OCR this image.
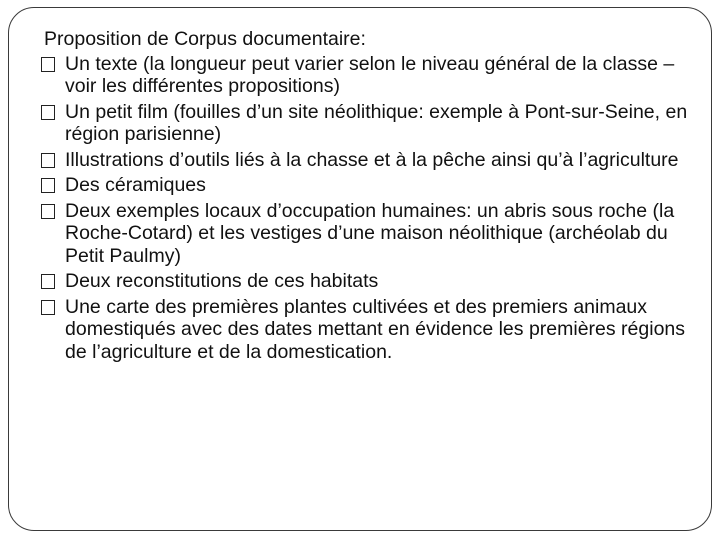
Proposition de Corpus documentaire:
Un texte (la longueur peut varier selon le niveau général de la classe – voir les différentes propositions)
Un petit film (fouilles d’un site néolithique: exemple à Pont-sur-Seine, en région parisienne)
Illustrations d’outils liés à la chasse et à la pêche ainsi qu’à l’agriculture
Des céramiques
Deux exemples locaux d’occupation humaines: un abris sous roche (la Roche-Cotard) et les vestiges d’une maison néolithique (archéolab du Petit Paulmy)
Deux reconstitutions de ces habitats
Une carte des premières plantes cultivées et des premiers animaux domestiqués avec des dates mettant en évidence les premières régions de l’agriculture et de la domestication.
